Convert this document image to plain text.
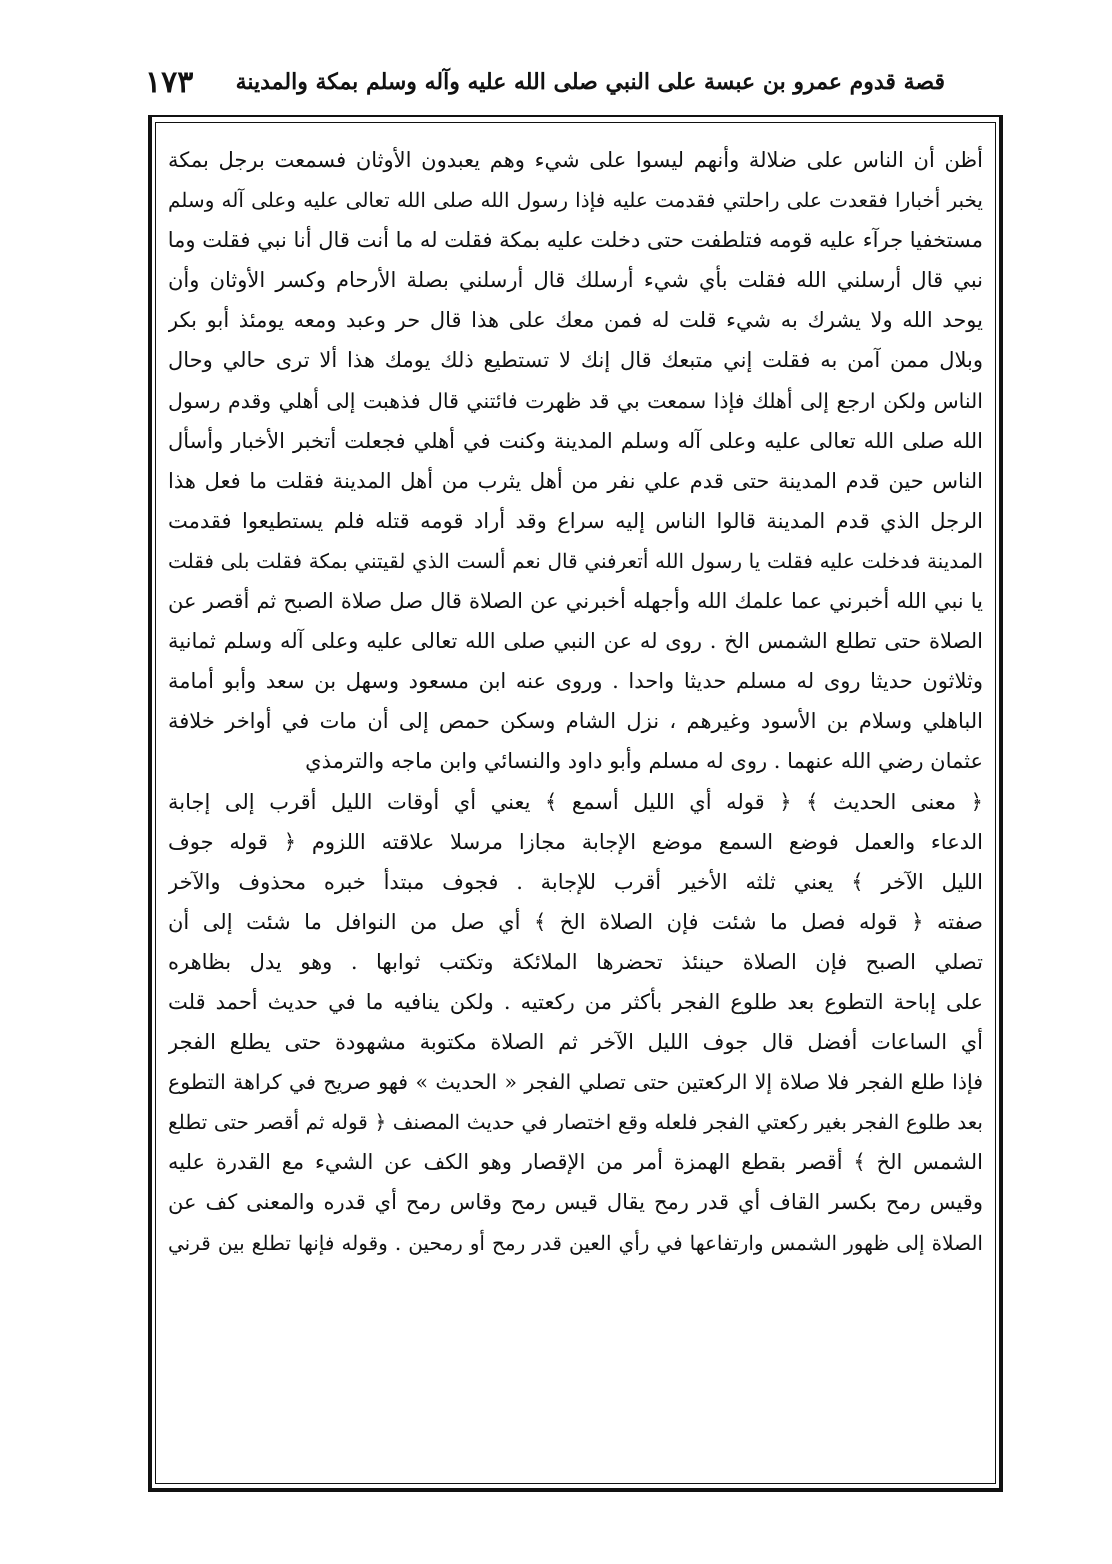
قصة قدوم عمرو بن عبسة على النبي صلى الله عليه وآله وسلم بمكة والمدينة
١٧٣
أظن أن الناس على ضلالة وأنهم ليسوا على شيء وهم يعبدون الأوثان فسمعت برجل بمكة
يخبر أخبارا فقعدت على راحلتي فقدمت عليه فإذا رسول الله صلى الله تعالى عليه وعلى آله وسلم
مستخفيا جرآء عليه قومه فتلطفت حتى دخلت عليه بمكة فقلت له ما أنت قال أنا نبي فقلت وما
نبي قال أرسلني الله فقلت بأي شيء أرسلك قال أرسلني بصلة الأرحام وكسر الأوثان وأن
يوحد الله ولا يشرك به شيء قلت له فمن معك على هذا قال حر وعبد ومعه يومئذ أبو بكر
وبلال ممن آمن به فقلت إني متبعك قال إنك لا تستطيع ذلك يومك هذا ألا ترى حالي وحال
الناس ولكن ارجع إلى أهلك فإذا سمعت بي قد ظهرت فائتني قال فذهبت إلى أهلي وقدم رسول
الله صلى الله تعالى عليه وعلى آله وسلم المدينة وكنت في أهلي فجعلت أتخبر الأخبار وأسأل
الناس حين قدم المدينة حتى قدم علي نفر من أهل يثرب من أهل المدينة فقلت ما فعل هذا
الرجل الذي قدم المدينة قالوا الناس إليه سراع وقد أراد قومه قتله فلم يستطيعوا فقدمت
المدينة فدخلت عليه فقلت يا رسول الله أتعرفني قال نعم ألست الذي لقيتني بمكة فقلت بلى فقلت
يا نبي الله أخبرني عما علمك الله وأجهله أخبرني عن الصلاة قال صل صلاة الصبح ثم أقصر عن
الصلاة حتى تطلع الشمس الخ . روى له عن النبي صلى الله تعالى عليه وعلى آله وسلم ثمانية
وثلاثون حديثا روى له مسلم حديثا واحدا . وروى عنه ابن مسعود وسهل بن سعد وأبو أمامة
الباهلي وسلام بن الأسود وغيرهم ، نزل الشام وسكن حمص إلى أن مات في أواخر خلافة
عثمان رضي الله عنهما . روى له مسلم وأبو داود والنسائي وابن ماجه والترمذي
﴿ معنى الحديث ﴾ ﴿ قوله أي الليل أسمع ﴾ يعني أي أوقات الليل أقرب إلى إجابة
الدعاء والعمل فوضع السمع موضع الإجابة مجازا مرسلا علاقته اللزوم ﴿ قوله جوف
الليل الآخر ﴾ يعني ثلثه الأخير أقرب للإجابة . فجوف مبتدأ خبره محذوف والآخر
صفته ﴿ قوله فصل ما شئت فإن الصلاة الخ ﴾ أي صل من النوافل ما شئت إلى أن
تصلي الصبح فإن الصلاة حينئذ تحضرها الملائكة وتكتب ثوابها . وهو يدل بظاهره
على إباحة التطوع بعد طلوع الفجر بأكثر من ركعتيه . ولكن ينافيه ما في حديث أحمد قلت
أي الساعات أفضل قال جوف الليل الآخر ثم الصلاة مكتوبة مشهودة حتى يطلع الفجر
فإذا طلع الفجر فلا صلاة إلا الركعتين حتى تصلي الفجر « الحديث » فهو صريح في كراهة التطوع
بعد طلوع الفجر بغير ركعتي الفجر فلعله وقع اختصار في حديث المصنف ﴿ قوله ثم أقصر حتى تطلع
الشمس الخ ﴾ أقصر بقطع الهمزة أمر من الإقصار وهو الكف عن الشيء مع القدرة عليه
وقيس رمح بكسر القاف أي قدر رمح يقال قيس رمح وقاس رمح أي قدره والمعنى كف عن
الصلاة إلى ظهور الشمس وارتفاعها في رأي العين قدر رمح أو رمحين . وقوله فإنها تطلع بين قرني
